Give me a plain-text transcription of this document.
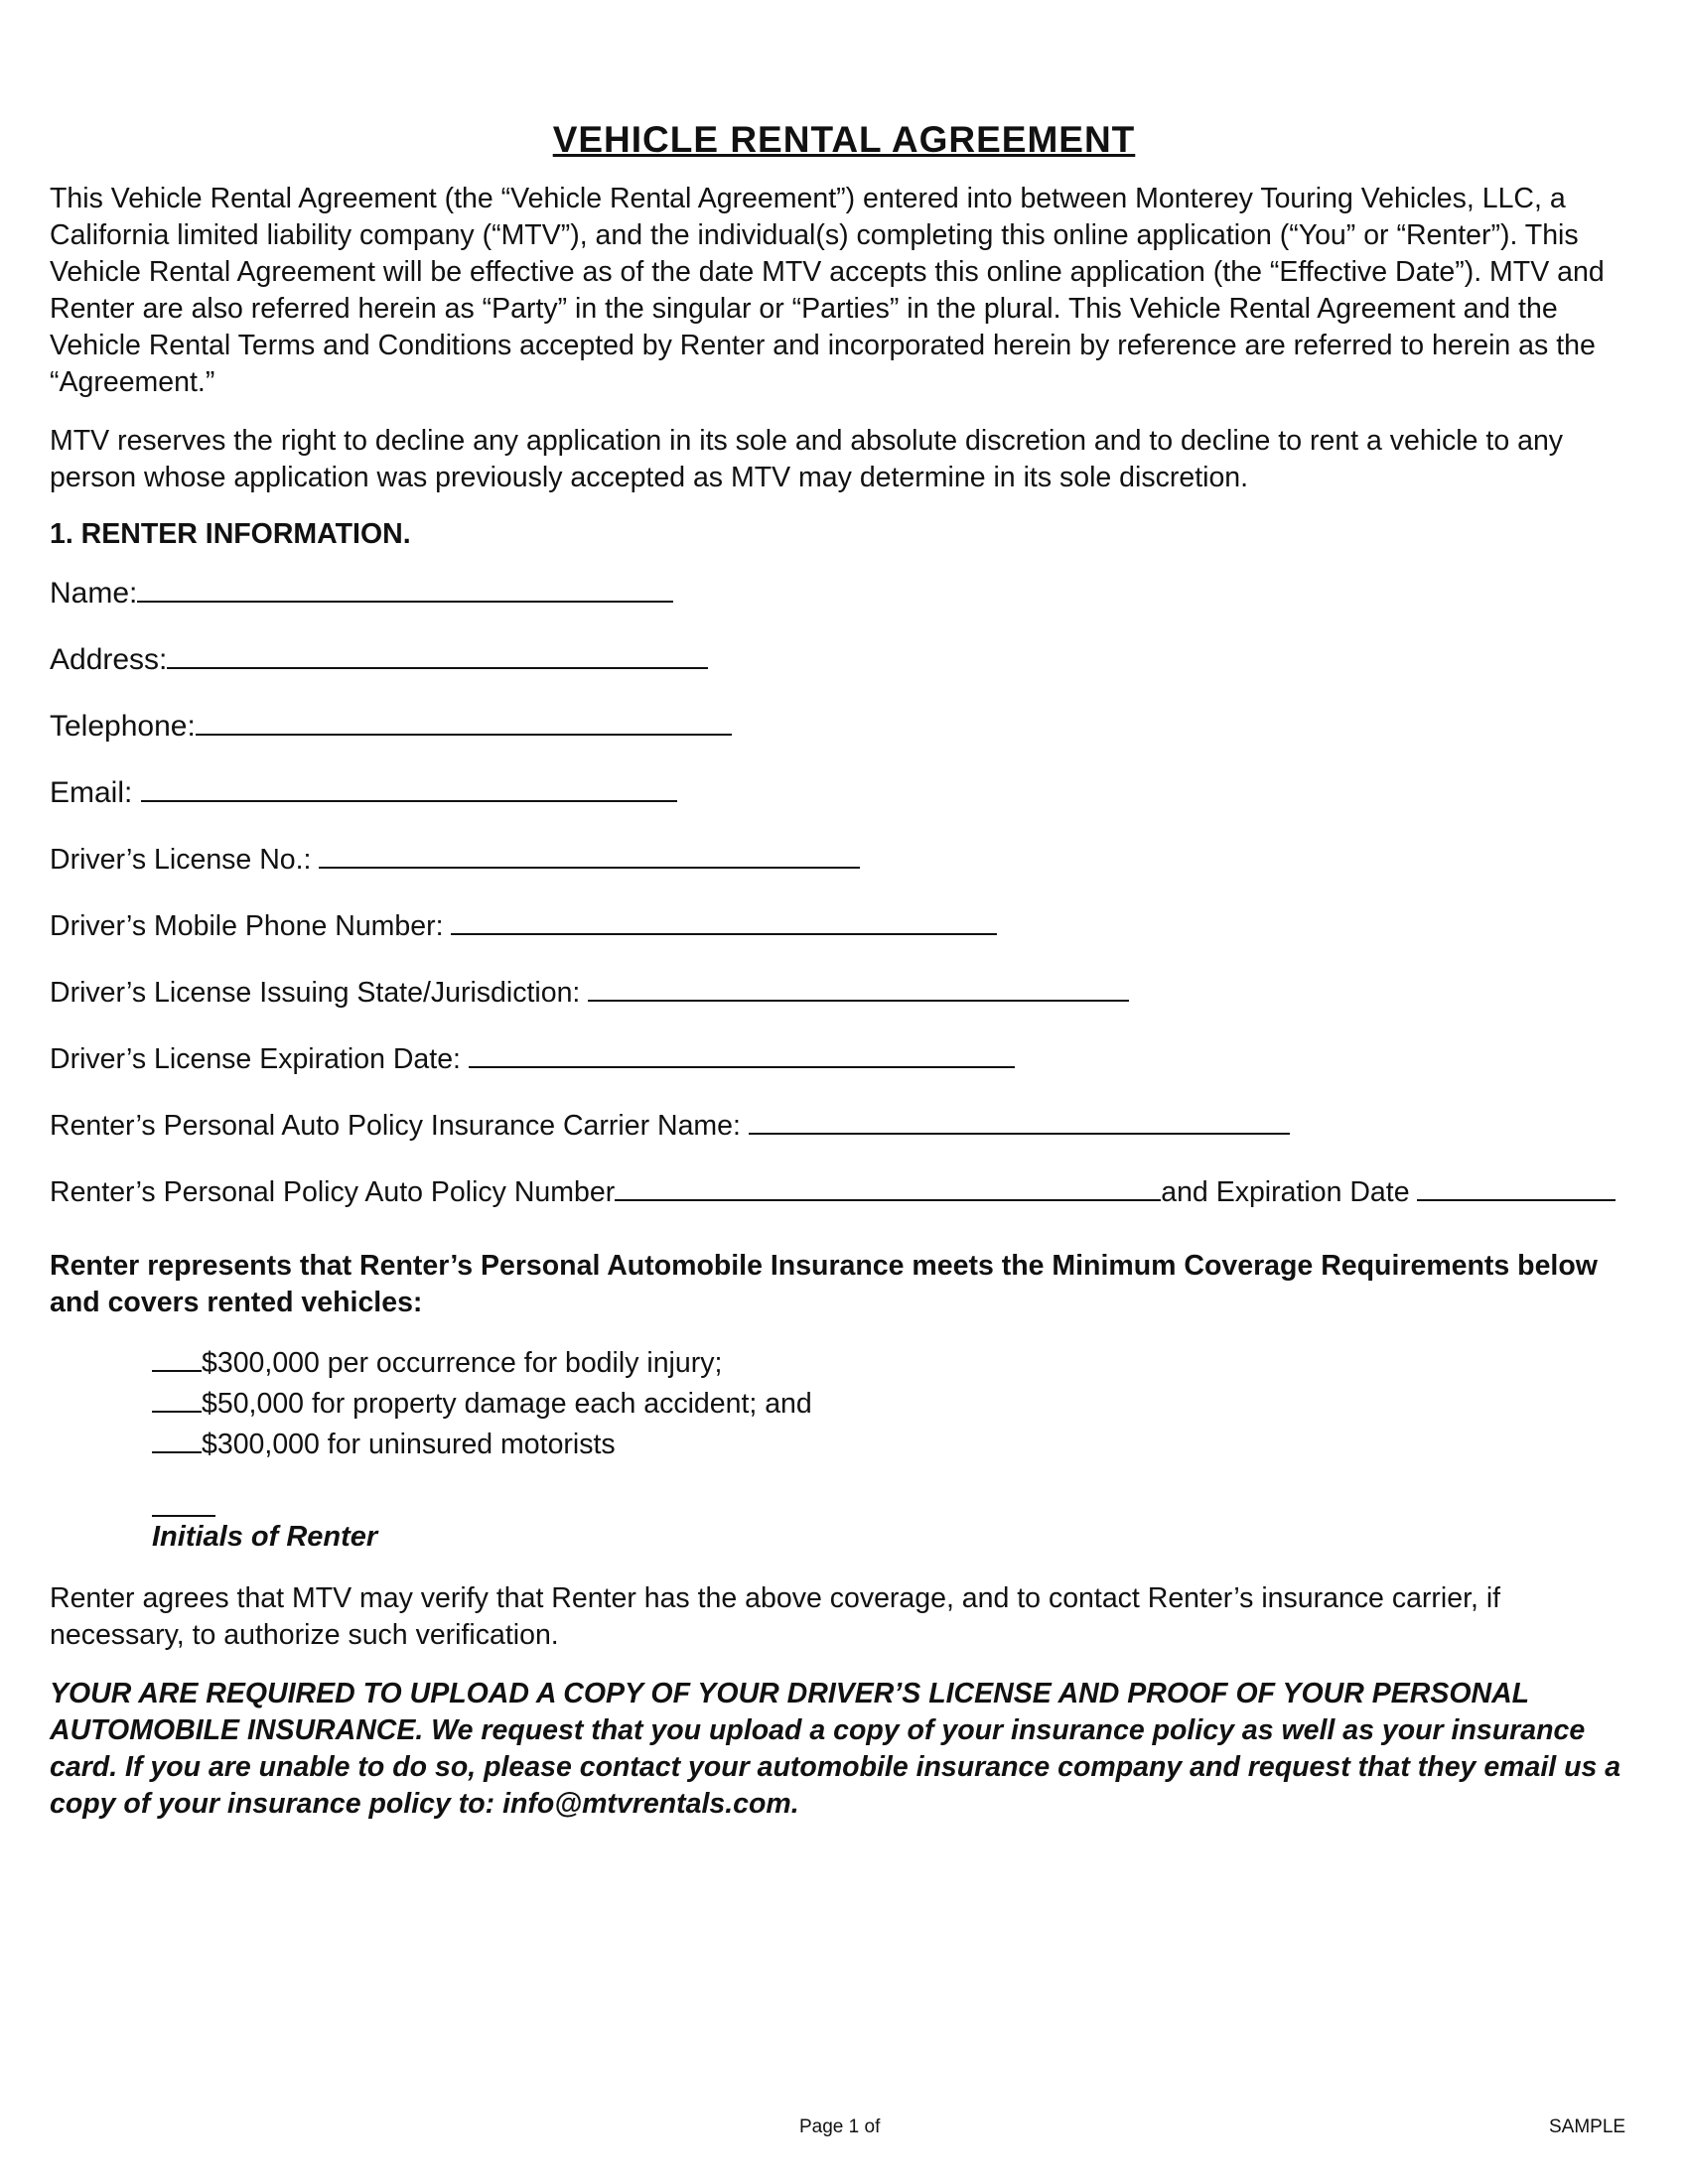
VEHICLE RENTAL AGREEMENT

This Vehicle Rental Agreement (the “Vehicle Rental Agreement”) entered into between Monterey Touring Vehicles, LLC, a California limited liability company (“MTV”), and the individual(s) completing this online application (“You” or “Renter”). This Vehicle Rental Agreement will be effective as of the date MTV accepts this online application (the “Effective Date”). MTV and Renter are also referred herein as “Party” in the singular or “Parties” in the plural. This Vehicle Rental Agreement and the Vehicle Rental Terms and Conditions accepted by Renter and incorporated herein by reference are referred to herein as the “Agreement.”

MTV reserves the right to decline any application in its sole and absolute discretion and to decline to rent a vehicle to any person whose application was previously accepted as MTV may determine in its sole discretion.

1. RENTER INFORMATION.
Name:
Address:
Telephone:
Email:
Driver’s License No.:
Driver’s Mobile Phone Number:
Driver’s License Issuing State/Jurisdiction:
Driver’s License Expiration Date:
Renter’s Personal Auto Policy Insurance Carrier Name:
Renter’s Personal Policy Auto Policy Number	and Expiration Date

Renter represents that Renter’s Personal Automobile Insurance meets the Minimum Coverage Requirements below and covers rented vehicles:

$300,000 per occurrence for bodily injury;
$50,000 for property damage each accident; and
$300,000 for uninsured motorists
Initials of Renter

Renter agrees that MTV may verify that Renter has the above coverage, and to contact Renter’s insurance carrier, if necessary, to authorize such verification.

YOUR ARE REQUIRED TO UPLOAD A COPY OF YOUR DRIVER’S LICENSE AND PROOF OF YOUR PERSONAL AUTOMOBILE INSURANCE. We request that you upload a copy of your insurance policy as well as your insurance card. If you are unable to do so, please contact your automobile insurance company and request that they email us a copy of your insurance policy to: info@mtvrentals.com.

Page 1 of	SAMPLE
